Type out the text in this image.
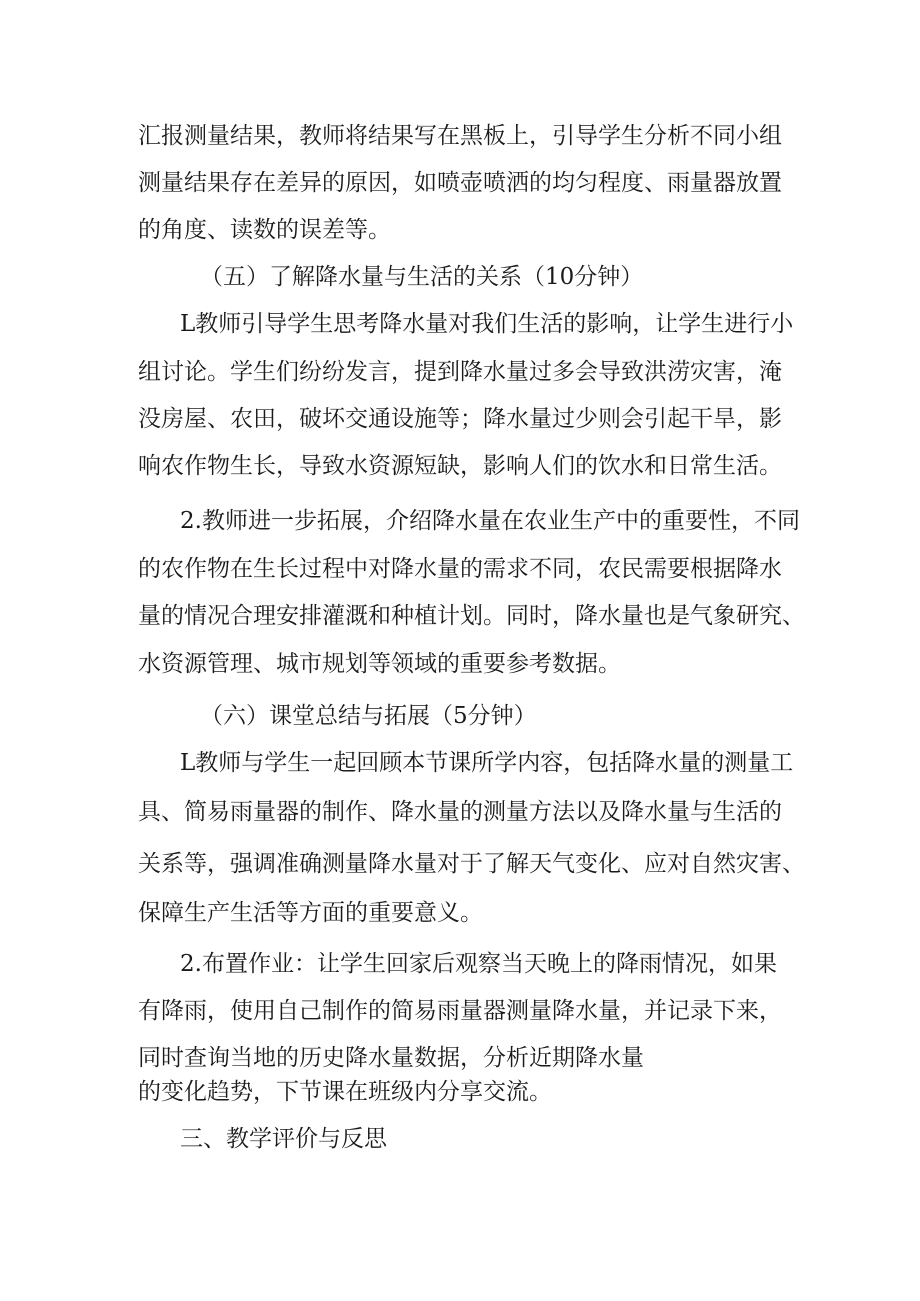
汇报测量结果，教师将结果写在黑板上，引导学生分析不同小组
测量结果存在差异的原因，如喷壶喷洒的均匀程度、雨量器放置
的角度、读数的误差等。
（五）了解降水量与生活的关系（10分钟）
L教师引导学生思考降水量对我们生活的影响，让学生进行小
组讨论。学生们纷纷发言，提到降水量过多会导致洪涝灾害，淹
没房屋、农田，破坏交通设施等；降水量过少则会引起干旱，影
响农作物生长，导致水资源短缺，影响人们的饮水和日常生活。
2.教师进一步拓展，介绍降水量在农业生产中的重要性，不同
的农作物在生长过程中对降水量的需求不同，农民需要根据降水
量的情况合理安排灌溉和种植计划。同时，降水量也是气象研究、
水资源管理、城市规划等领域的重要参考数据。
（六）课堂总结与拓展（5分钟）
L教师与学生一起回顾本节课所学内容，包括降水量的测量工
具、简易雨量器的制作、降水量的测量方法以及降水量与生活的
关系等，强调准确测量降水量对于了解天气变化、应对自然灾害、
保障生产生活等方面的重要意义。
2.布置作业：让学生回家后观察当天晚上的降雨情况，如果
有降雨，使用自己制作的简易雨量器测量降水量，并记录下来，
同时查询当地的历史降水量数据，分析近期降水量
的变化趋势，下节课在班级内分享交流。
三、教学评价与反思
